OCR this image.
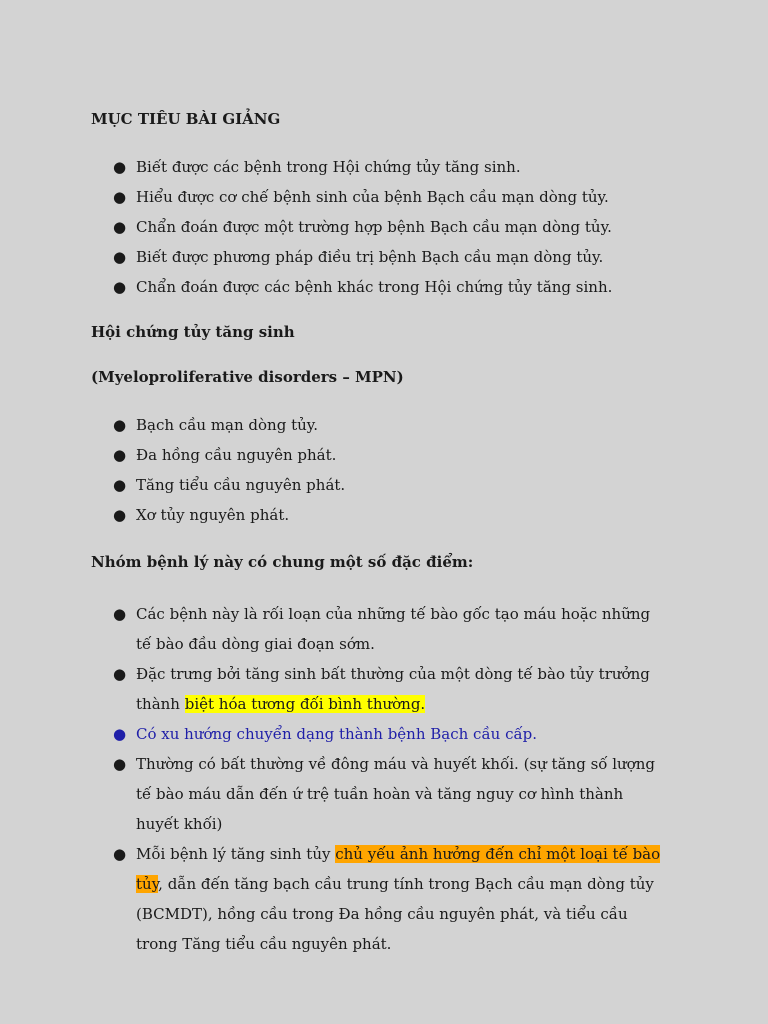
MỤC TIÊU BÀI GIẢNG

● Biết được các bệnh trong Hội chứng tủy tăng sinh.
● Hiểu được cơ chế bệnh sinh của bệnh Bạch cầu mạn dòng tủy.
● Chẩn đoán được một trường hợp bệnh Bạch cầu mạn dòng tủy.
● Biết được phương pháp điều trị bệnh Bạch cầu mạn dòng tủy.
● Chẩn đoán được các bệnh khác trong Hội chứng tủy tăng sinh.

Hội chứng tủy tăng sinh

(Myeloproliferative disorders – MPN)

● Bạch cầu mạn dòng tủy.
● Đa hồng cầu nguyên phát.
● Tăng tiểu cầu nguyên phát.
● Xơ tủy nguyên phát.

Nhóm bệnh lý này có chung một số đặc điểm:

● Các bệnh này là rối loạn của những tế bào gốc tạo máu hoặc những tế bào đầu dòng giai đoạn sớm.
● Đặc trưng bởi tăng sinh bất thường của một dòng tế bào tủy trưởng thành biệt hóa tương đối bình thường.
● Có xu hướng chuyển dạng thành bệnh Bạch cầu cấp.
● Thường có bất thường về đông máu và huyết khối. (sự tăng số lượng tế bào máu dẫn đến ứ trệ tuần hoàn và tăng nguy cơ hình thành huyết khối)
● Mỗi bệnh lý tăng sinh tủy chủ yếu ảnh hưởng đến chỉ một loại tế bào tủy, dẫn đến tăng bạch cầu trung tính trong Bạch cầu mạn dòng tủy (BCMDT), hồng cầu trong Đa hồng cầu nguyên phát, và tiểu cầu trong Tăng tiểu cầu nguyên phát.
